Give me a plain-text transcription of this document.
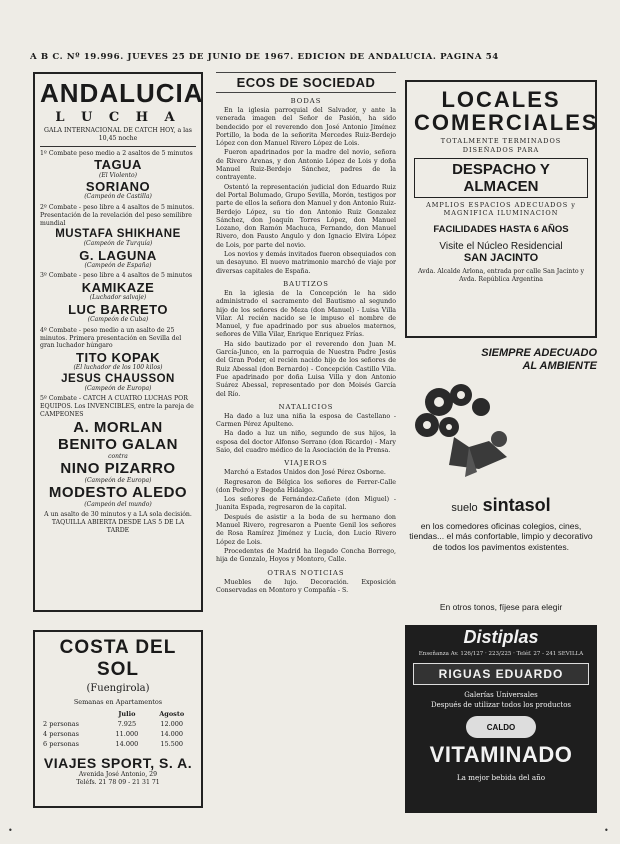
A B C. Nº 19.996. JUEVES 25 DE JUNIO DE 1967. EDICION DE ANDALUCIA. PAGINA 54
ANDALUCIA
L U C H A
GALA INTERNACIONAL DE CATCH HOY, a las 10,45 noche
1º Combate peso medio a 2 asaltos de 5 minutos
TAGUA
(El Violento)
SORIANO
(Campeón de Castilla)
2º Combate - peso libre a 4 asaltos de 5 minutos. Presentación de la revelación del peso semilibre mundial
MUSTAFA SHIKHANE
(Campeón de Turquía)
G. LAGUNA
(Campeón de España)
3º Combate - peso libre a 4 asaltos de 5 minutos
KAMIKAZE
(Luchador salvaje)
LUC BARRETO
(Campeón de Cuba)
4º Combate - peso medio a un asalto de 25 minutos. Primera presentación en Sevilla del gran luchador húngaro
TITO KOPAK
(El luchador de los 100 kilos)
JESUS CHAUSSON
(Campeón de Europa)
5º Combate - CATCH A CUATRO LUCHAS POR EQUIPOS. Los INVENCIBLES, entre la pareja de CAMPEONES
A. MORLAN
BENITO GALAN
contra
NINO PIZARRO
(Campeón de Europa)
MODESTO ALEDO
(Campeón del mundo)
A un asalto de 30 minutos y a LA sola decisión. TAQUILLA ABIERTA DESDE LAS 5 DE LA TARDE
COSTA DEL SOL
(Fuengirola)
Semanas en Apartamentos
	Julio	Agosto
2 personas	7.925	12.000
4 personas	11.000	14.000
6 personas	14.000	15.500
VIAJES SPORT, S. A.
Avenida José Antonio, 29
Teléfs. 21 78 09 - 21 31 71
ECOS DE SOCIEDAD
BODAS

En la iglesia parroquial del Salvador, y ante la venerada imagen del Señor de Pasión, ha sido bendecido por el reverendo don José Antonio Jiménez Portillo, la boda de la señorita Mercedes Ruiz-Berdejo López con don Manuel Rivero López de Lois.

Fueron apadrinados por la madre del novio, señora de Rivero Arenas, y don Antonio López de Lois y doña Manuel Ruiz-Berdejo Sánchez, padres de la contrayente.

Ostentó la representación judicial don Eduardo Ruiz del Portal Bolumado, Grupo Sevilla, Morón, testigos por parte de ellos la señora don Manuel y don Antonio Ruiz-Berdejo López, su tío don Antonio Ruiz Gonzalez Sánchez, don Joaquín Torres López, don Manuel Lozano, don Ramón Machuca, Fernando, don Manuel Rivero, don Fausto Angulo y don Ignacio Elvira López de Lois, por parte del novio.

Los novios y demás invitados fueron obsequiados con un desayuno. El nuevo matrimonio marchó de viaje por diversas capitales de España.

BAUTIZOS

En la iglesia de la Concepción le ha sido administrado el sacramento del Bautismo al segundo hijo de los señores de Meza (don Manuel) - Luisa Villa Vilar. Al recién nacido se le impuso el nombre de Manuel, y fue apadrinado por sus abuelos maternos, señores de Villa Vilar, Enrique Enriquez Frías.

Ha sido bautizado por el reverendo don Juan M. García-Junco, en la parroquia de Nuestra Padre Jesús del Gran Poder, el recién nacido hijo de los señores de Ruiz Abessal (don Bernardo) - Concepción Castillo Vila. Fue apadrinado por doña Luisa Villa y don Antonio Suárez Abessal, representado por don Moisés García del Río.

NATALICIOS

Ha dado a luz una niña la esposa de Castellano - Carmen Pérez Apulteno.

Ha dado a luz un niño, segundo de sus hijos, la esposa del doctor Alfonso Serrano (don Ricardo) - Mary Saio, del cuadro médico de la Asociación de la Prensa.

VIAJEROS

Marchó a Estados Unidos don José Pérez Osborne.

Regresaron de Bélgica los señores de Ferrer-Calle (don Pedro) y Begoña Hidalgo.

Los señores de Fernández-Cañete (don Miguel) - Juanita Espada, regresaron de la capital.

Después de asistir a la boda de su hermano don Manuel Rivero, regresaron a Puente Genil los señores de Rosa Ramírez Jiménez y Lucía, don Lucio Rivero López de Lois.

Procedentes de Madrid ha llegado Concha Borrego, hija de Gonzalo, Hoyos y Montoro, Calle.

OTRAS NOTICIAS

Muebles de lujo. Decoración. Exposición Conservadas en Montoro y Compañía - S.

LOCALES
COMERCIALES
TOTALMENTE TERMINADOS DISEÑADOS PARA
DESPACHO Y ALMACEN
AMPLIOS ESPACIOS ADECUADOS y MAGNIFICA ILUMINACION
FACILIDADES HASTA 6 AÑOS
Visite el Núcleo Residencial
SAN JACINTO
Avda. Alcalde Arlona, entrada por calle San Jacinto y Avda. República Argentina
SIEMPRE ADECUADO
AL AMBIENTE
suelo sintasol
en los comedores oficinas colegios, cines, tiendas... el más confortable, limpio y decorativo de todos los pavimentos existentes.
En otros tonos, fíjese para elegir
Distiplas
Enseñanza Av. 126/127 · 223/225 · Teléf. 27 - 241 SEVILLA
RIGUAS EDUARDO
Galerías Universales
Después de utilizar todos los productos
CALDO
VITAMINADO
La mejor bebida del año
•	•
